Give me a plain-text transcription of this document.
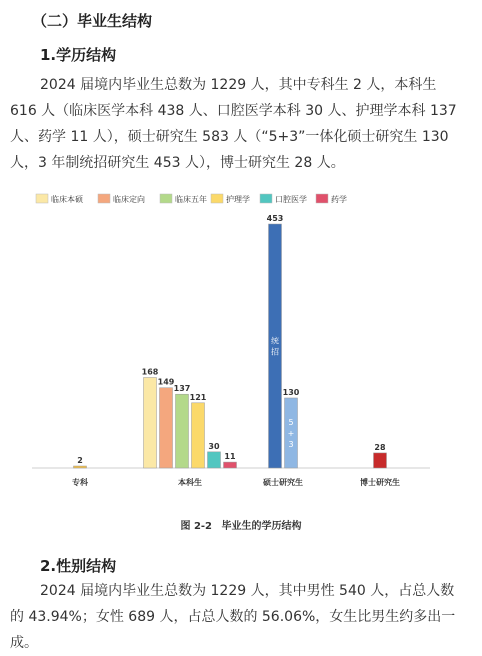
（二）毕业生结构
1.学历结构
2024 届境内毕业生总数为 1229 人，其中专科生 2 人，本科生 616 人（临床医学本科 438 人、口腔医学本科 30 人、护理学本科 137 人、药学 11 人），硕士研究生 583 人（“5+3”一体化硕士研究生 130 人，3 年制统招研究生 453 人），博士研究生 28 人。
临床本硕	临床定向	临床五年 护理学	口腔医学	药学
2
168
149
137
121
30
11
453
统
招
130
5
+
3	28
专科	本科生	硕士研究生	博士研究生
图 2-2 毕业生的学历结构
2.性别结构
2024 届境内毕业生总数为 1229 人，其中男性 540 人，占总人数的 43.94%；女性 689 人，占总人数的 56.06%，女生比男生约多出一成。
